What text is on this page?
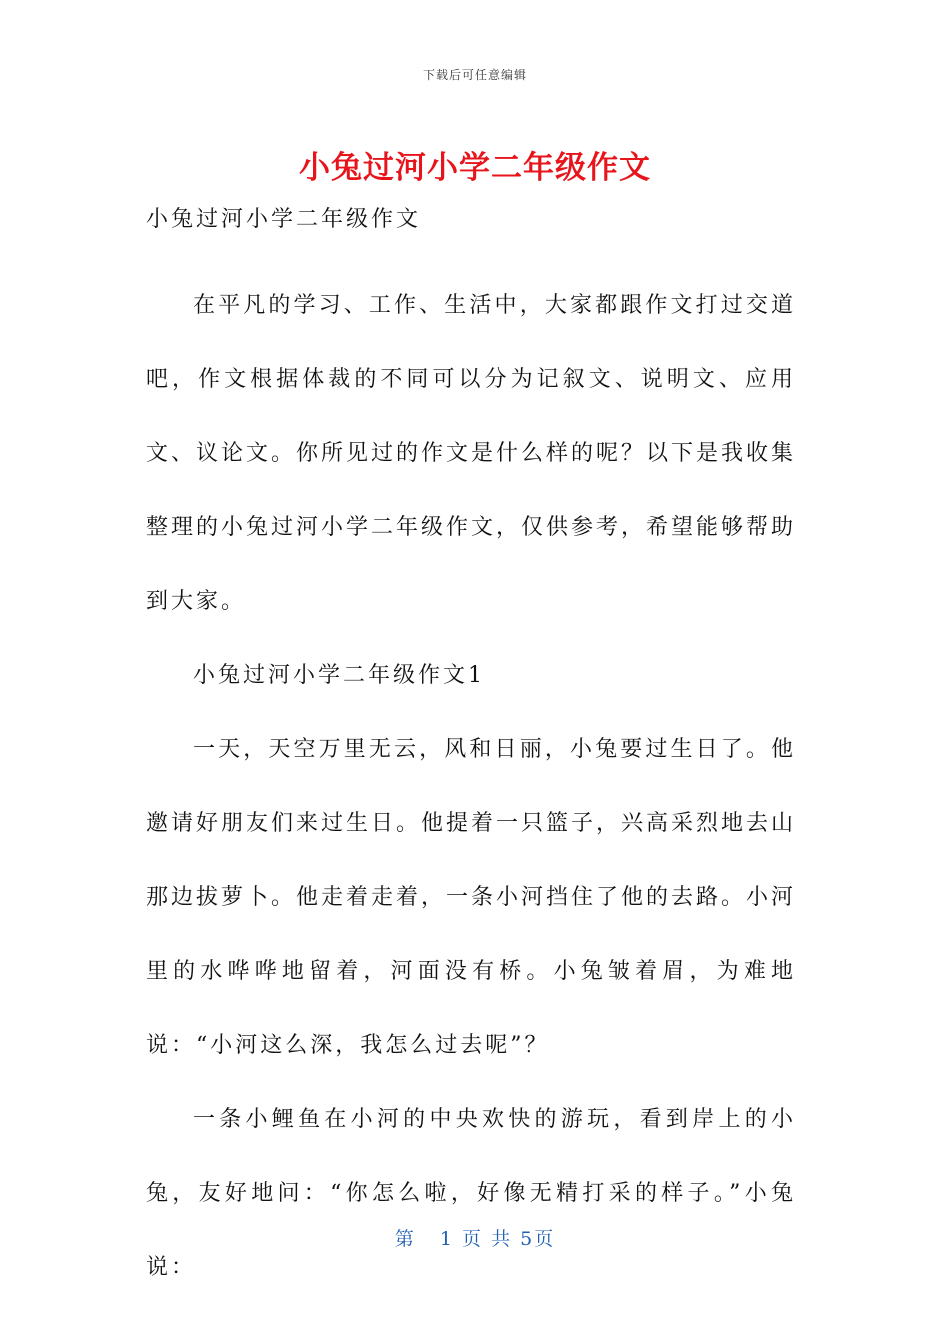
下载后可任意编辑
小兔过河小学二年级作文

小兔过河小学二年级作文

在平凡的学习、工作、生活中，大家都跟作文打过交道吧，作文根据体裁的不同可以分为记叙文、说明文、应用文、议论文。你所见过的作文是什么样的呢？以下是我收集整理的小兔过河小学二年级作文，仅供参考，希望能够帮助到大家。

小兔过河小学二年级作文1

一天，天空万里无云，风和日丽，小兔要过生日了。他邀请好朋友们来过生日。他提着一只篮子，兴高采烈地去山那边拔萝卜。他走着走着，一条小河挡住了他的去路。小河里的水哗哗地留着，河面没有桥。小兔皱着眉，为难地说：“小河这么深，我怎么过去呢”？

一条小鲤鱼在小河的中央欢快的游玩，看到岸上的小兔，友好地问：“你怎么啦，好像无精打采的样子。”小兔说：

第 1 页 共 5页
